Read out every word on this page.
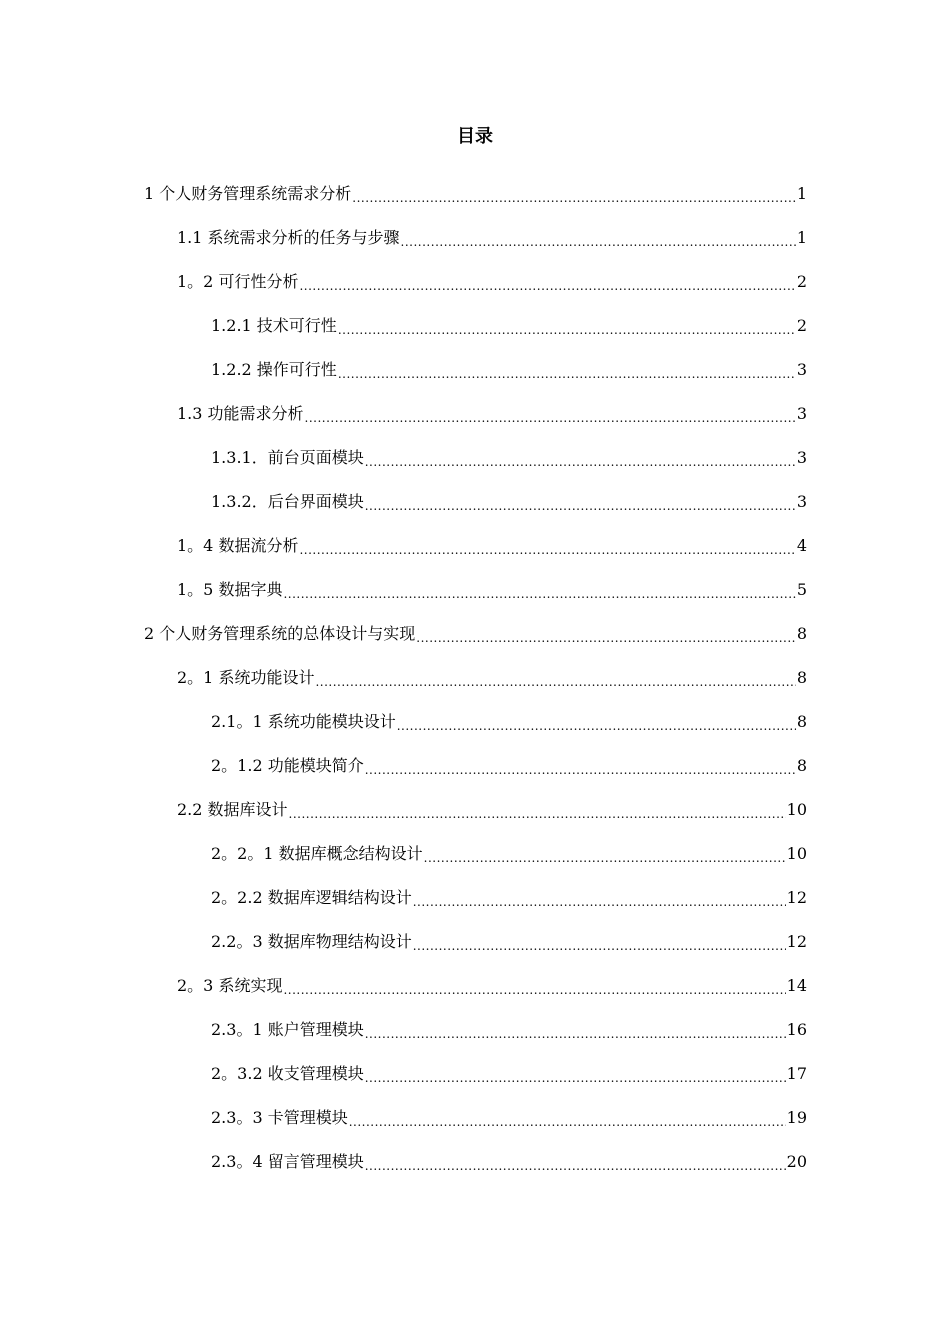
目录
1 个人财务管理系统需求分析 .....	1
1.1 系统需求分析的任务与步骤 .....	1
1。2 可行性分析 .....	2
1.2.1 技术可行性 .....	2
1.2.2 操作可行性 .....	3
1.3 功能需求分析 .....	3
1.3.1．前台页面模块 .....	3
1.3.2．后台界面模块 .....	3
1。4 数据流分析 .....	4
1。5 数据字典 .....	5
2 个人财务管理系统的总体设计与实现 .....	8
2。1 系统功能设计 .....	8
2.1。1 系统功能模块设计 .....	8
2。1.2 功能模块简介 .....	8
2.2 数据库设计 .....	10
2。2。1 数据库概念结构设计 .....	10
2。2.2 数据库逻辑结构设计 .....	12
2.2。3 数据库物理结构设计 .....	12
2。3 系统实现 .....	14
2.3。1 账户管理模块 .....	16
2。3.2 收支管理模块 .....	17
2.3。3 卡管理模块 .....	19
2.3。4 留言管理模块 .....	20
